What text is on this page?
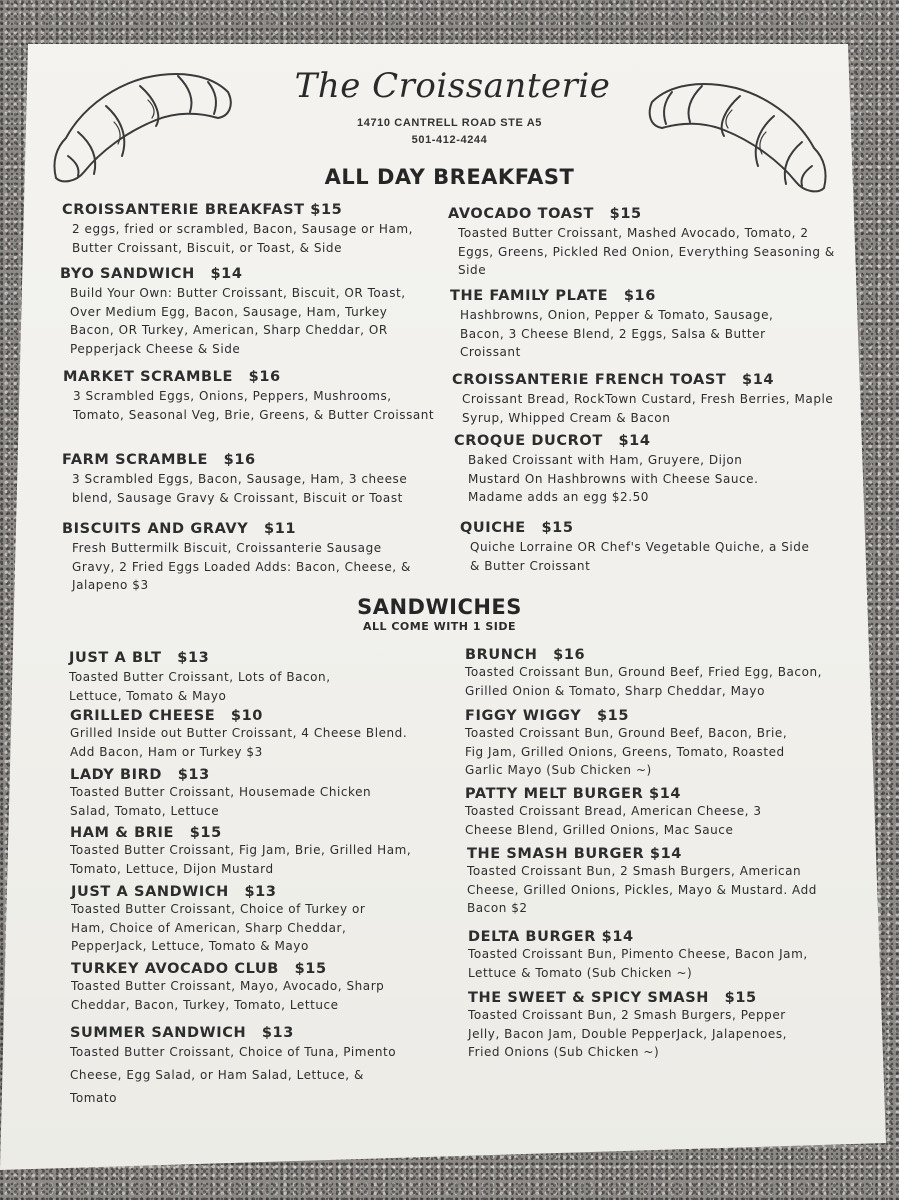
The Croissanterie
14710 CANTRELL ROAD STE A5
501-412-4244
ALL DAY BREAKFAST
CROISSANTERIE BREAKFAST $15
2 eggs, fried or scrambled, Bacon, Sausage or Ham, Butter Croissant, Biscuit, or Toast, & Side
BYO SANDWICH $14
Build Your Own: Butter Croissant, Biscuit, OR Toast, Over Medium Egg, Bacon, Sausage, Ham, Turkey Bacon, OR Turkey, American, Sharp Cheddar, OR Pepperjack Cheese & Side
MARKET SCRAMBLE $16
3 Scrambled Eggs, Onions, Peppers, Mushrooms, Tomato, Seasonal Veg, Brie, Greens, & Butter Croissant
FARM SCRAMBLE $16
3 Scrambled Eggs, Bacon, Sausage, Ham, 3 cheese blend, Sausage Gravy & Croissant, Biscuit or Toast
BISCUITS AND GRAVY $11
Fresh Buttermilk Biscuit, Croissanterie Sausage Gravy, 2 Fried Eggs Loaded Adds: Bacon, Cheese, & Jalapeno $3
AVOCADO TOAST $15
Toasted Butter Croissant, Mashed Avocado, Tomato, 2 Eggs, Greens, Pickled Red Onion, Everything Seasoning & Side
THE FAMILY PLATE $16
Hashbrowns, Onion, Pepper & Tomato, Sausage, Bacon, 3 Cheese Blend, 2 Eggs, Salsa & Butter Croissant
CROISSANTERIE FRENCH TOAST $14
Croissant Bread, RockTown Custard, Fresh Berries, Maple Syrup, Whipped Cream & Bacon
CROQUE DUCROT $14
Baked Croissant with Ham, Gruyere, Dijon Mustard On Hashbrowns with Cheese Sauce. Madame adds an egg $2.50
QUICHE $15
Quiche Lorraine OR Chef's Vegetable Quiche, a Side & Butter Croissant
SANDWICHES
ALL COME WITH 1 SIDE
JUST A BLT $13
Toasted Butter Croissant, Lots of Bacon, Lettuce, Tomato & Mayo
GRILLED CHEESE $10
Grilled Inside out Butter Croissant, 4 Cheese Blend. Add Bacon, Ham or Turkey $3
LADY BIRD $13
Toasted Butter Croissant, Housemade Chicken Salad, Tomato, Lettuce
HAM & BRIE $15
Toasted Butter Croissant, Fig Jam, Brie, Grilled Ham, Tomato, Lettuce, Dijon Mustard
JUST A SANDWICH $13
Toasted Butter Croissant, Choice of Turkey or Ham, Choice of American, Sharp Cheddar, PepperJack, Lettuce, Tomato & Mayo
TURKEY AVOCADO CLUB $15
Toasted Butter Croissant, Mayo, Avocado, Sharp Cheddar, Bacon, Turkey, Tomato, Lettuce
SUMMER SANDWICH $13
Toasted Butter Croissant, Choice of Tuna, Pimento Cheese, Egg Salad, or Ham Salad, Lettuce, & Tomato
BRUNCH $16
Toasted Croissant Bun, Ground Beef, Fried Egg, Bacon, Grilled Onion & Tomato, Sharp Cheddar, Mayo
FIGGY WIGGY $15
Toasted Croissant Bun, Ground Beef, Bacon, Brie, Fig Jam, Grilled Onions, Greens, Tomato, Roasted Garlic Mayo (Sub Chicken ~)
PATTY MELT BURGER $14
Toasted Croissant Bread, American Cheese, 3 Cheese Blend, Grilled Onions, Mac Sauce
THE SMASH BURGER $14
Toasted Croissant Bun, 2 Smash Burgers, American Cheese, Grilled Onions, Pickles, Mayo & Mustard. Add Bacon $2
DELTA BURGER $14
Toasted Croissant Bun, Pimento Cheese, Bacon Jam, Lettuce & Tomato (Sub Chicken ~)
THE SWEET & SPICY SMASH $15
Toasted Croissant Bun, 2 Smash Burgers, Pepper Jelly, Bacon Jam, Double PepperJack, Jalapenoes, Fried Onions (Sub Chicken ~)
